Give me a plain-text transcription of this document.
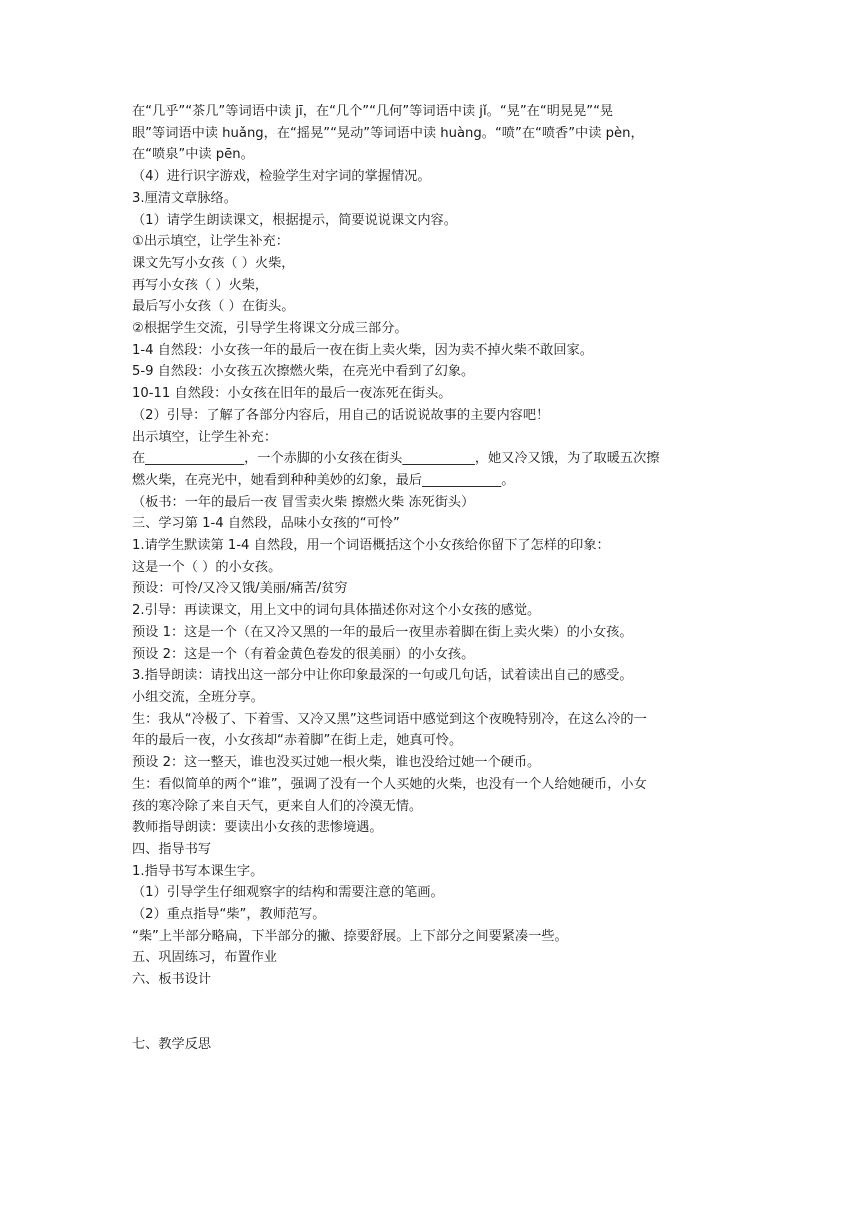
在“几乎”“茶几”等词语中读 jī，在“几个”“几何”等词语中读 jǐ。“晃”在“明晃晃”“晃

眼”等词语中读 huǎng，在“摇晃”“晃动”等词语中读 huàng。“喷”在“喷香”中读 pèn，

在“喷泉”中读 pēn。

（4）进行识字游戏，检验学生对字词的掌握情况。

3.厘清文章脉络。

（1）请学生朗读课文，根据提示，简要说说课文内容。

①出示填空，让学生补充：

课文先写小女孩（ ）火柴，

再写小女孩（ ）火柴，

最后写小女孩（ ）在街头。

②根据学生交流，引导学生将课文分成三部分。

1-4 自然段：小女孩一年的最后一夜在街上卖火柴，因为卖不掉火柴不敢回家。

5-9 自然段：小女孩五次擦燃火柴，在亮光中看到了幻象。

10-11 自然段：小女孩在旧年的最后一夜冻死在街头。

（2）引导：了解了各部分内容后，用自己的话说说故事的主要内容吧！

出示填空，让学生补充：

在_______________，一个赤脚的小女孩在街头___________，她又冷又饿，为了取暖五次擦

燃火柴，在亮光中，她看到种种美妙的幻象，最后____________。

（板书：一年的最后一夜 冒雪卖火柴 擦燃火柴 冻死街头）

三、学习第 1-4 自然段，品味小女孩的“可怜”

1.请学生默读第 1-4 自然段，用一个词语概括这个小女孩给你留下了怎样的印象：

这是一个（ ）的小女孩。

预设：可怜/又冷又饿/美丽/痛苦/贫穷

2.引导：再读课文，用上文中的词句具体描述你对这个小女孩的感觉。

预设 1：这是一个（在又冷又黑的一年的最后一夜里赤着脚在街上卖火柴）的小女孩。

预设 2：这是一个（有着金黄色卷发的很美丽）的小女孩。

3.指导朗读：请找出这一部分中让你印象最深的一句或几句话，试着读出自己的感受。

小组交流，全班分享。

生：我从“冷极了、下着雪、又冷又黑”这些词语中感觉到这个夜晚特别冷，在这么冷的一

年的最后一夜，小女孩却“赤着脚”在街上走，她真可怜。

预设 2：这一整天，谁也没买过她一根火柴，谁也没给过她一个硬币。

生：看似简单的两个“谁”，强调了没有一个人买她的火柴，也没有一个人给她硬币，小女

孩的寒冷除了来自天气，更来自人们的冷漠无情。

教师指导朗读：要读出小女孩的悲惨境遇。

四、指导书写

1.指导书写本课生字。

（1）引导学生仔细观察字的结构和需要注意的笔画。

（2）重点指导“柴”，教师范写。

“柴”上半部分略扁，下半部分的撇、捺要舒展。上下部分之间要紧凑一些。

五、巩固练习，布置作业

六、板书设计

七、教学反思
